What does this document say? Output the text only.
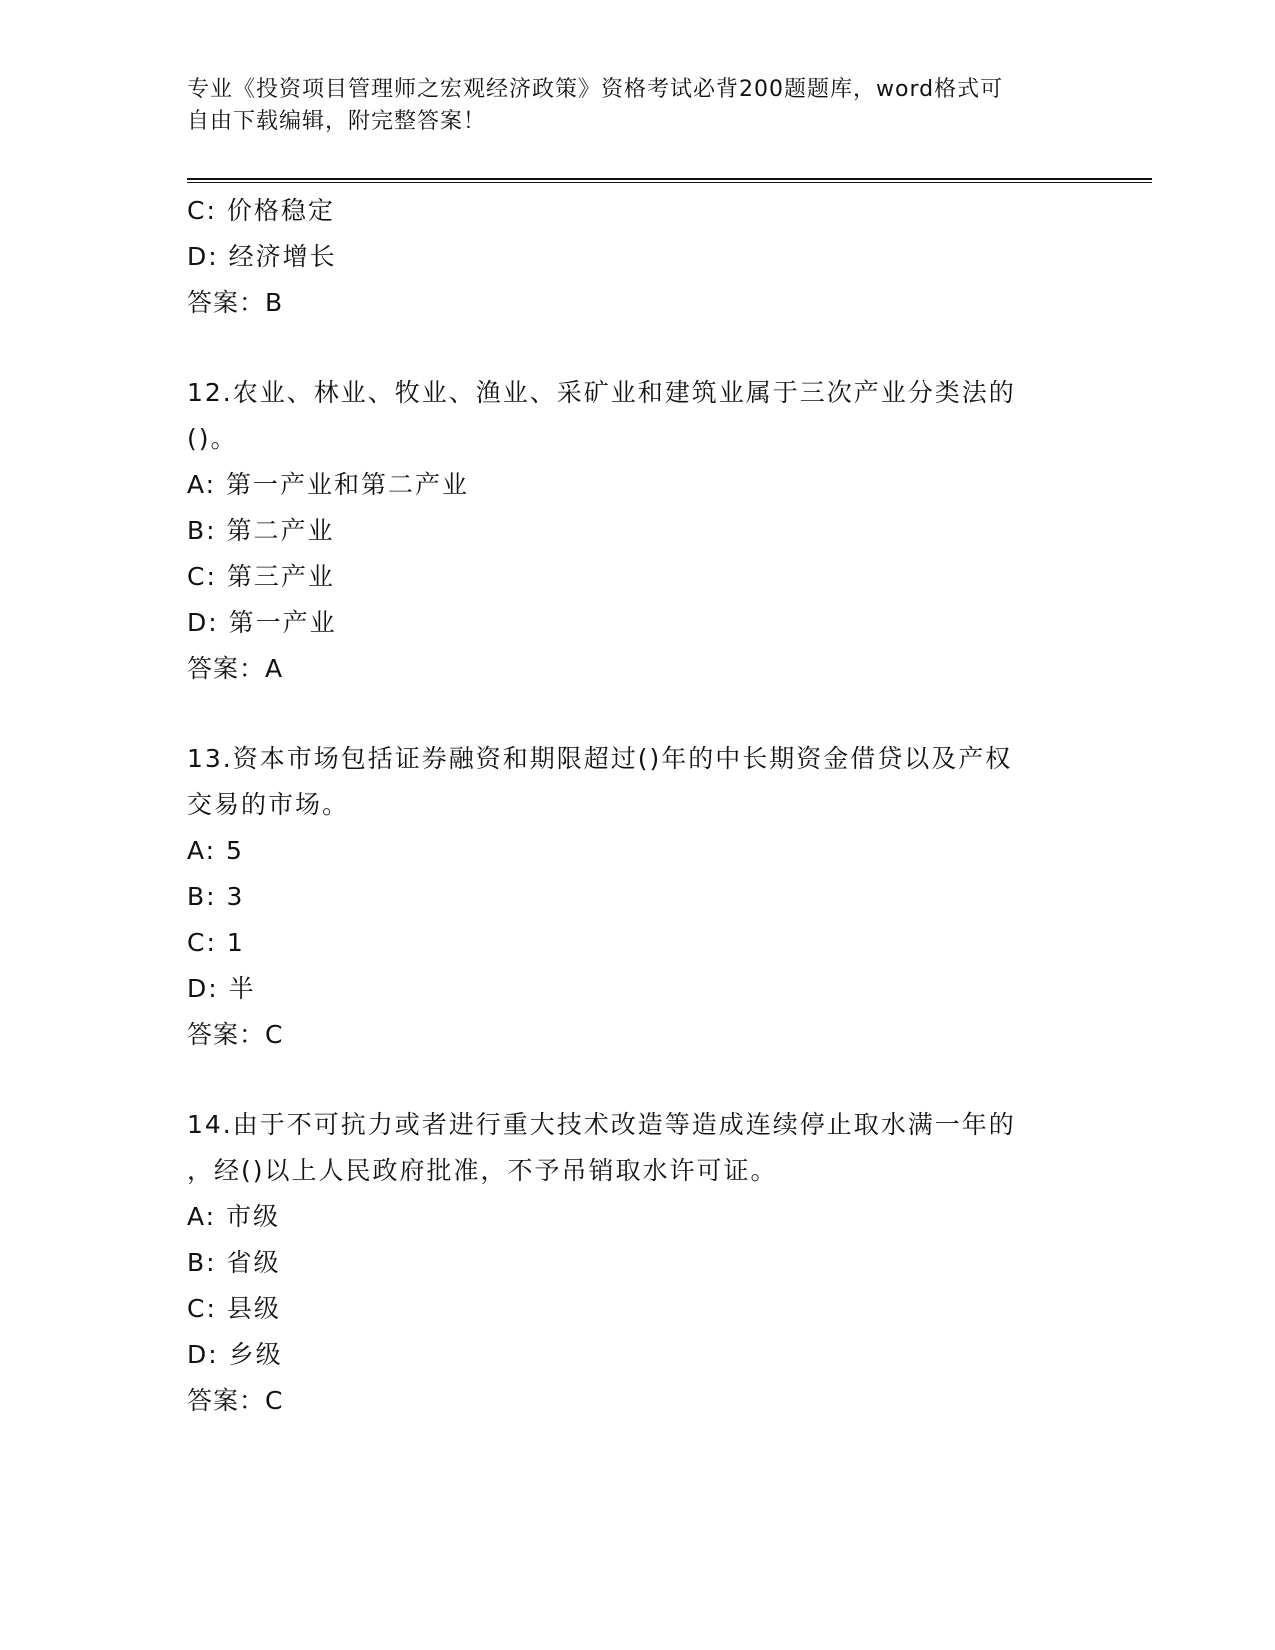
专业《投资项目管理师之宏观经济政策》资格考试必背200题题库，word格式可
自由下载编辑，附完整答案！
C: 价格稳定
D: 经济增长
答案：B
12.农业、林业、牧业、渔业、采矿业和建筑业属于三次产业分类法的
()。
A: 第一产业和第二产业
B: 第二产业
C: 第三产业
D: 第一产业
答案：A
13.资本市场包括证券融资和期限超过()年的中长期资金借贷以及产权
交易的市场。
A: 5
B: 3
C: 1
D: 半
答案：C
14.由于不可抗力或者进行重大技术改造等造成连续停止取水满一年的
，经()以上人民政府批准，不予吊销取水许可证。
A: 市级
B: 省级
C: 县级
D: 乡级
答案：C
